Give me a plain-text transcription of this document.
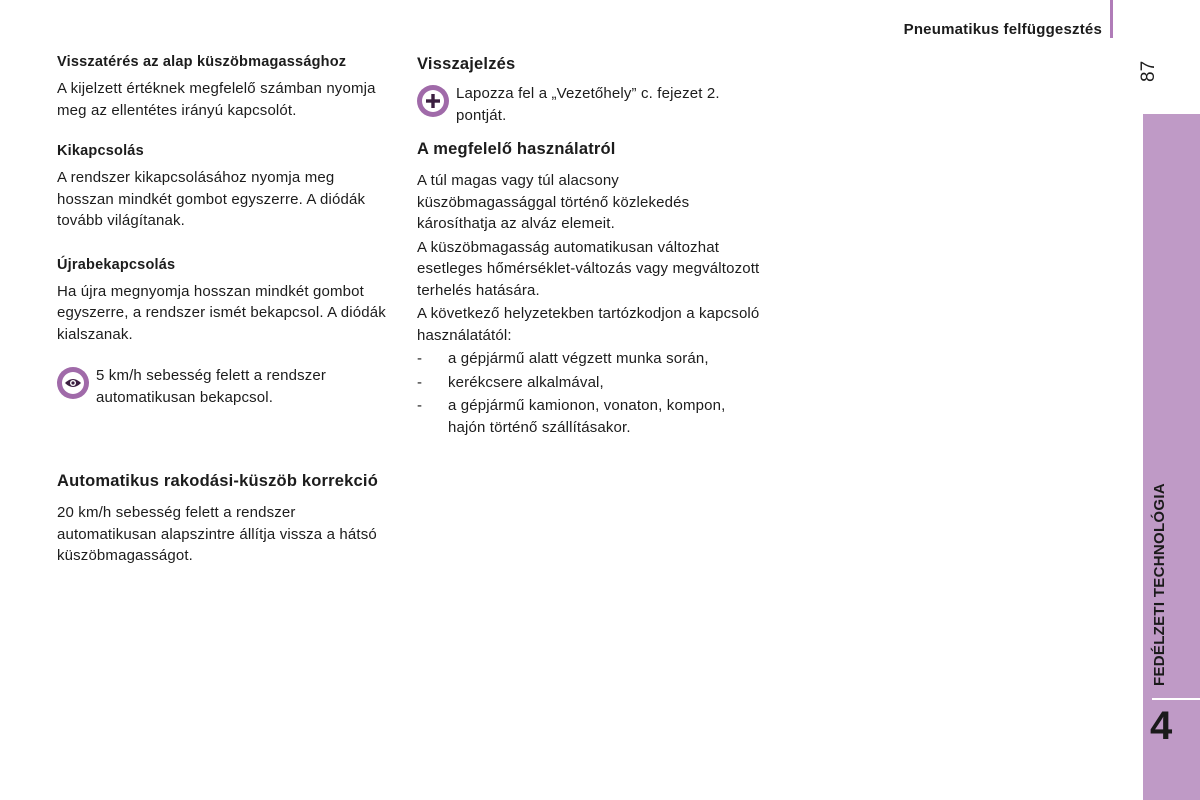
Pneumatikus felfüggesztés
87
FEDÉLZETI TECHNOLÓGIA
4
Visszatérés az alap küszöbmagassághoz

A kijelzett értéknek megfelelő számban nyomja meg az ellentétes irányú kapcsolót.

Kikapcsolás

A rendszer kikapcsolásához nyomja meg hosszan mindkét gombot egyszerre. A diódák tovább világítanak.

Újrabekapcsolás

Ha újra megnyomja hosszan mindkét gombot egyszerre, a rendszer ismét bekapcsol. A diódák kialszanak.

5 km/h sebesség felett a rendszer automatikusan bekapcsol.
Automatikus rakodási-küszöb korrekció

20 km/h sebesség felett a rendszer automatikusan alapszintre állítja vissza a hátsó küszöbmagasságot.

Visszajelzés
Lapozza fel a „Vezetőhely” c. fejezet 2. pontját.
A megfelelő használatról

A túl magas vagy túl alacsony küszöbmagassággal történő közlekedés károsíthatja az alváz elemeit.

A küszöbmagasság automatikusan változhat esetleges hőmérséklet-változás vagy megváltozott terhelés hatására.

A következő helyzetekben tartózkodjon a kapcsoló használatától:

-	a gépjármű alatt végzett munka során,
-	kerékcsere alkalmával,
-	a gépjármű kamionon, vonaton, kompon, hajón történő szállításakor.
